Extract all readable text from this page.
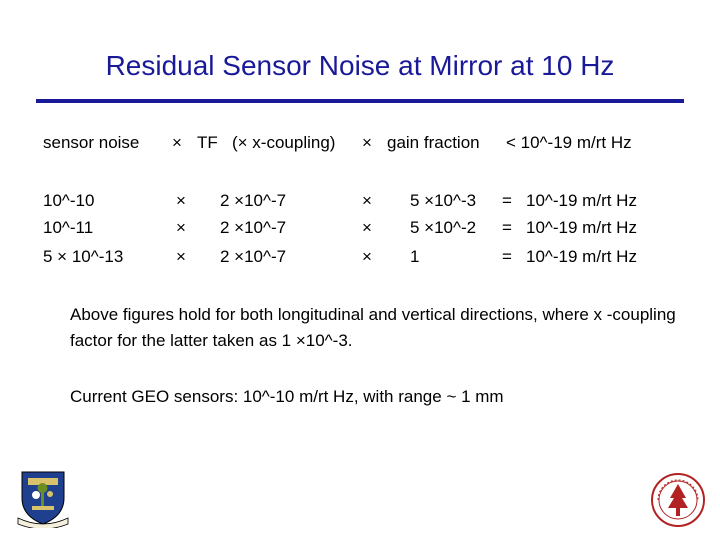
Residual Sensor Noise at Mirror at 10 Hz
sensor noise × TF (× x-coupling) × gain fraction < 10^-19 m/rt Hz
10^-10	× 2 ×10^-7	× 5 ×10^-3 = 10^-19 m/rt Hz
10^-11	× 2 ×10^-7	× 5 ×10^-2 = 10^-19 m/rt Hz
5 × 10^-13	× 2 ×10^-7	× 1	= 10^-19 m/rt Hz
Above figures hold for both longitudinal and vertical directions, where x -coupling factor for the latter taken as 1 ×10^-3.
Current GEO sensors: 10^-10 m/rt Hz, with range ~ 1 mm
